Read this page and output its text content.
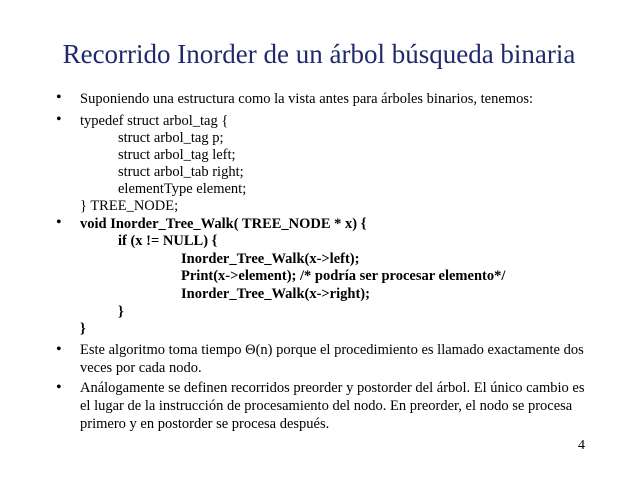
Recorrido Inorder de un árbol búsqueda binaria
•
•
•
•
•
Suponiendo una estructura como la vista antes para árboles binarios, tenemos:
typedef struct arbol_tag {
struct arbol_tag p;
struct arbol_tag left;
struct arbol_tab right;
elementType element;
} TREE_NODE;
void Inorder_Tree_Walk( TREE_NODE * x) {
if (x != NULL) {
Inorder_Tree_Walk(x->left);
Print(x->element); /* podría ser procesar elemento*/
Inorder_Tree_Walk(x->right);
}
}
Este algoritmo toma tiempo Θ(n) porque el procedimiento es llamado exactamente dos
veces por cada nodo.
Análogamente se definen recorridos preorder y postorder del árbol. El único cambio es
el lugar de la instrucción de procesamiento del nodo. En preorder, el nodo se procesa
primero y en postorder se procesa después.
4
